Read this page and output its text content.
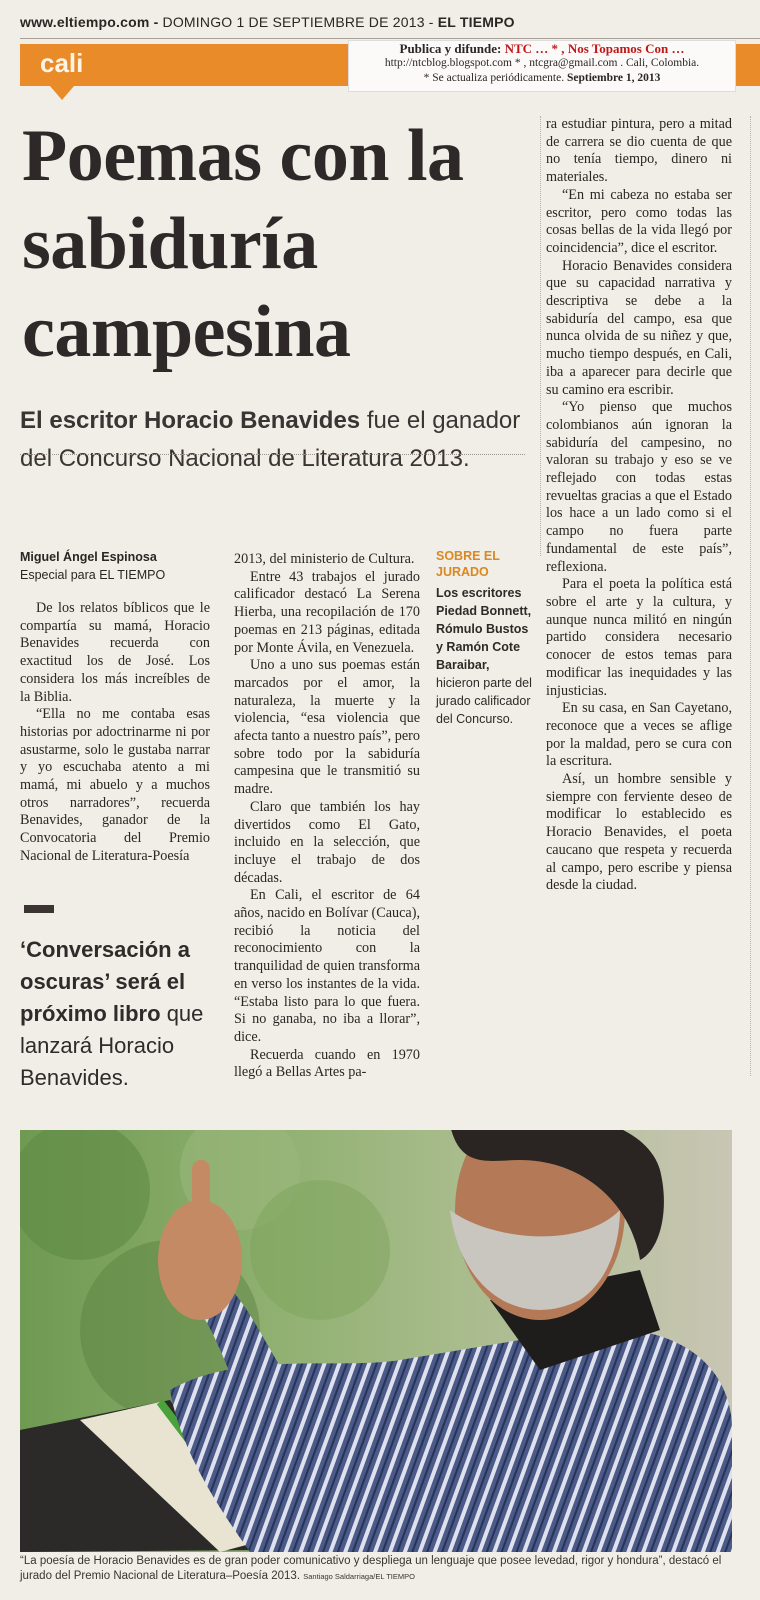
www.eltiempo.com - DOMINGO 1 DE SEPTIEMBRE DE 2013 - EL TIEMPO
cali	Publica y difunde: NTC … * , Nos Topamos Con …
http://ntcblog.blogspot.com * , ntcgra@gmail.com . Cali, Colombia.
* Se actualiza periódicamente. Septiembre 1, 2013
Poemas con la sabiduría campesina
El escritor Horacio Benavides fue el ganador del Concurso Nacional de Literatura 2013.
Miguel Ángel Espinosa
Especial para EL TIEMPO

De los relatos bíblicos que le compartía su mamá, Horacio Benavides recuerda con exactitud los de José. Los considera los más increíbles de la Biblia.

“Ella no me contaba esas historias por adoctrinarme ni por asustarme, solo le gustaba narrar y yo escuchaba atento a mi mamá, mi abuelo y a muchos otros narradores”, recuerda Benavides, ganador de la Convocatoria del Premio Nacional de Literatura-Poesía

2013, del ministerio de Cultura.

Entre 43 trabajos el jurado calificador destacó La Serena Hierba, una recopilación de 170 poemas en 213 páginas, editada por Monte Ávila, en Venezuela.

Uno a uno sus poemas están marcados por el amor, la naturaleza, la muerte y la violencia, “esa violencia que afecta tanto a nuestro país”, pero sobre todo por la sabiduría campesina que le transmitió su madre.

Claro que también los hay divertidos como El Gato, incluido en la selección, que incluye el trabajo de dos décadas.

En Cali, el escritor de 64 años, nacido en Bolívar (Cauca), recibió la noticia del reconocimiento con la tranquilidad de quien transforma en verso los instantes de la vida. “Estaba listo para lo que fuera. Si no ganaba, no iba a llorar”, dice.

Recuerda cuando en 1970 llegó a Bellas Artes pa-

ra estudiar pintura, pero a mitad de carrera se dio cuenta de que no tenía tiempo, dinero ni materiales.

“En mi cabeza no estaba ser escritor, pero como todas las cosas bellas de la vida llegó por coincidencia”, dice el escritor.

Horacio Benavides considera que su capacidad narrativa y descriptiva se debe a la sabiduría del campo, esa que nunca olvida de su niñez y que, mucho tiempo después, en Cali, iba a aparecer para decirle que su camino era escribir.

“Yo pienso que muchos colombianos aún ignoran la sabiduría del campesino, no valoran su trabajo y eso se ve reflejado con todas estas revueltas gracias a que el Estado los hace a un lado como si el campo no fuera parte fundamental de este país”, reflexiona.

Para el poeta la política está sobre el arte y la cultura, y aunque nunca militó en ningún partido considera necesario conocer de estos temas para modificar las inequidades y las injusticias.

En su casa, en San Cayetano, reconoce que a veces se aflige por la maldad, pero se cura con la escritura.

Así, un hombre sensible y siempre con ferviente deseo de modificar lo establecido es Horacio Benavides, el poeta caucano que respeta y recuerda al campo, pero escribe y piensa desde la ciudad.

SOBRE EL JURADO
Los escritores Piedad Bonnett, Rómulo Bustos y Ramón Cote Baraibar, hicieron parte del jurado calificador del Concurso.
‘Conversación a oscuras’ será el próximo libro que lanzará Horacio Benavides.
“La poesía de Horacio Benavides es de gran poder comunicativo y despliega un lenguaje que posee levedad, rigor y hondura”, destacó el jurado del Premio Nacional de Literatura–Poesía 2013. Santiago Saldarriaga/EL TIEMPO
